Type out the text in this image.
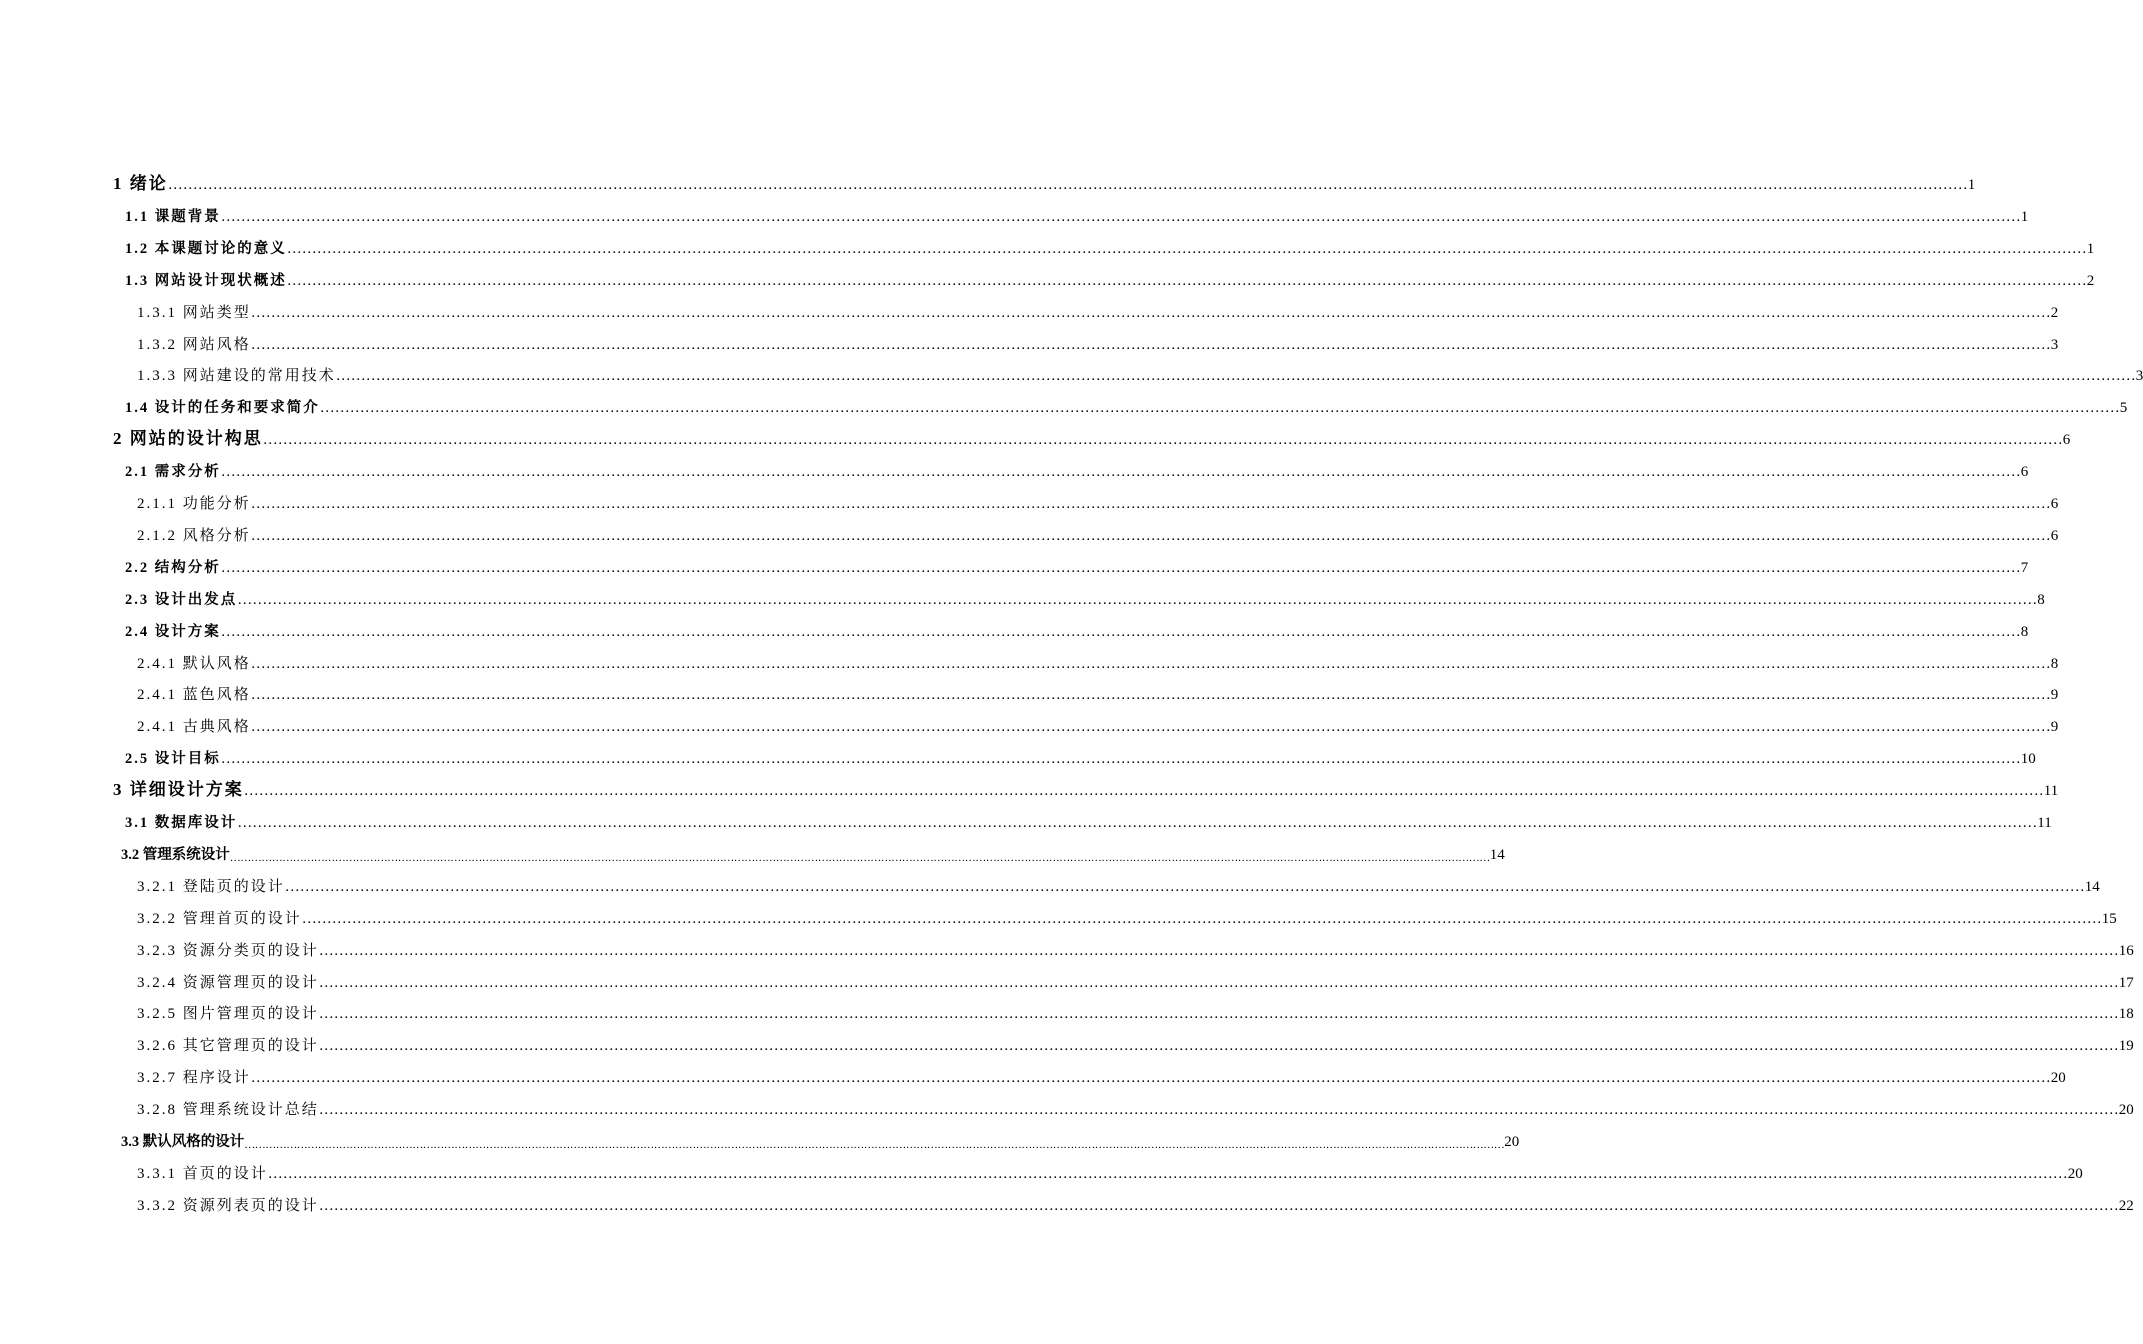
1 绪论 ……………………………………………………………………………………………………………………………………………………………………………………………………………………………………………………………………………………………………………………………… 1
1.1 课题背景 ……………………………………………………………………………………………………………………………………………………………………………………………………………………………………………………………………………………………………………………………… 1
1.2 本课题讨论的意义 ……………………………………………………………………………………………………………………………………………………………………………………………………………………………………………………………………………………………………………………………… 1
1.3 网站设计现状概述 ……………………………………………………………………………………………………………………………………………………………………………………………………………………………………………………………………………………………………………………………… 2
1.3.1 网站类型 ……………………………………………………………………………………………………………………………………………………………………………………………………………………………………………………………………………………………………………………………… 2
1.3.2 网站风格 ……………………………………………………………………………………………………………………………………………………………………………………………………………………………………………………………………………………………………………………………… 3
1.3.3 网站建设的常用技术 ……………………………………………………………………………………………………………………………………………………………………………………………………………………………………………………………………………………………………………………………… 3
1.4 设计的任务和要求简介 ……………………………………………………………………………………………………………………………………………………………………………………………………………………………………………………………………………………………………………………………… 5
2 网站的设计构思 ……………………………………………………………………………………………………………………………………………………………………………………………………………………………………………………………………………………………………………………………… 6
2.1 需求分析 ……………………………………………………………………………………………………………………………………………………………………………………………………………………………………………………………………………………………………………………………… 6
2.1.1 功能分析 ……………………………………………………………………………………………………………………………………………………………………………………………………………………………………………………………………………………………………………………………… 6
2.1.2 风格分析 ……………………………………………………………………………………………………………………………………………………………………………………………………………………………………………………………………………………………………………………………… 6
2.2 结构分析 ……………………………………………………………………………………………………………………………………………………………………………………………………………………………………………………………………………………………………………………………… 7
2.3 设计出发点 ……………………………………………………………………………………………………………………………………………………………………………………………………………………………………………………………………………………………………………………………… 8
2.4 设计方案 ……………………………………………………………………………………………………………………………………………………………………………………………………………………………………………………………………………………………………………………………… 8
2.4.1 默认风格 ……………………………………………………………………………………………………………………………………………………………………………………………………………………………………………………………………………………………………………………………… 8
2.4.1 蓝色风格 ……………………………………………………………………………………………………………………………………………………………………………………………………………………………………………………………………………………………………………………………… 9
2.4.1 古典风格 ……………………………………………………………………………………………………………………………………………………………………………………………………………………………………………………………………………………………………………………………… 9
2.5 设计目标 ……………………………………………………………………………………………………………………………………………………………………………………………………………………………………………………………………………………………………………………………… 10
3 详细设计方案 ……………………………………………………………………………………………………………………………………………………………………………………………………………………………………………………………………………………………………………………………… 11
3.1 数据库设计 ……………………………………………………………………………………………………………………………………………………………………………………………………………………………………………………………………………………………………………………………… 11
3.2 管理系统设计 ……………………………………………………………………………………………………………………………………………………………………………………………………………………………………………………………………………………………………………………………… 14
3.2.1 登陆页的设计 ……………………………………………………………………………………………………………………………………………………………………………………………………………………………………………………………………………………………………………………………… 14
3.2.2 管理首页的设计 ……………………………………………………………………………………………………………………………………………………………………………………………………………………………………………………………………………………………………………………………… 15
3.2.3 资源分类页的设计 ……………………………………………………………………………………………………………………………………………………………………………………………………………………………………………………………………………………………………………………………… 16
3.2.4 资源管理页的设计 ……………………………………………………………………………………………………………………………………………………………………………………………………………………………………………………………………………………………………………………………… 17
3.2.5 图片管理页的设计 ……………………………………………………………………………………………………………………………………………………………………………………………………………………………………………………………………………………………………………………………… 18
3.2.6 其它管理页的设计 ……………………………………………………………………………………………………………………………………………………………………………………………………………………………………………………………………………………………………………………………… 19
3.2.7 程序设计 ……………………………………………………………………………………………………………………………………………………………………………………………………………………………………………………………………………………………………………………………… 20
3.2.8 管理系统设计总结 ……………………………………………………………………………………………………………………………………………………………………………………………………………………………………………………………………………………………………………………………… 20
3.3 默认风格的设计 ……………………………………………………………………………………………………………………………………………………………………………………………………………………………………………………………………………………………………………………………… 20
3.3.1 首页的设计 ……………………………………………………………………………………………………………………………………………………………………………………………………………………………………………………………………………………………………………………………… 20
3.3.2 资源列表页的设计 ……………………………………………………………………………………………………………………………………………………………………………………………………………………………………………………………………………………………………………………………… 22
